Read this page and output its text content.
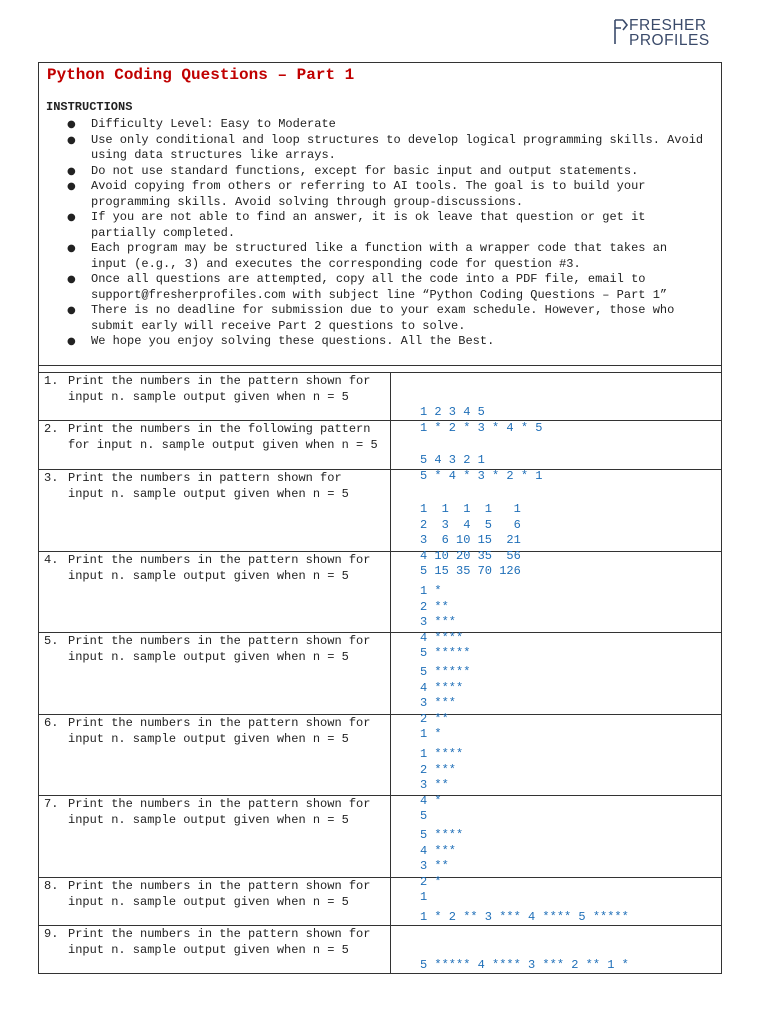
FRESHER
PROFILES
Python Coding Questions – Part 1
INSTRUCTIONS
● Difficulty Level: Easy to Moderate
● Use only conditional and loop structures to develop logical programming skills. Avoid using data structures like arrays.
● Do not use standard functions, except for basic input and output statements.
● Avoid copying from others or referring to AI tools. The goal is to build your programming skills. Avoid solving through group-discussions.
● If you are not able to find an answer, it is ok leave that question or get it partially completed.
● Each program may be structured like a function with a wrapper code that takes an input (e.g., 3) and executes the corresponding code for question #3.
● Once all questions are attempted, copy all the code into a PDF file, email to support@fresherprofiles.com with subject line “Python Coding Questions – Part 1”
● There is no deadline for submission due to your exam schedule. However, those who submit early will receive Part 2 questions to solve.
● We hope you enjoy solving these questions. All the Best.
1. Print the numbers in the pattern shown for input n. sample output given when n = 5

1 2 3 4 5
1 * 2 * 3 * 4 * 5

2. Print the numbers in the following pattern for input n. sample output given when n = 5

5 4 3 2 1
5 * 4 * 3 * 2 * 1

3. Print the numbers in pattern shown for input n. sample output given when n = 5

1  1  1  1   1
2  3  4  5   6
3  6 10 15  21
4 10 20 35  56
5 15 35 70 126

4. Print the numbers in the pattern shown for input n. sample output given when n = 5

1 *
2 **
3 ***
4 ****
5 *****

5. Print the numbers in the pattern shown for input n. sample output given when n = 5

5 *****
4 ****
3 ***
2 **
1 *

6. Print the numbers in the pattern shown for input n. sample output given when n = 5

1 ****
2 ***
3 **
4 *
5

7. Print the numbers in the pattern shown for input n. sample output given when n = 5

5 ****
4 ***
3 **
2 *
1

8. Print the numbers in the pattern shown for input n. sample output given when n = 5

1 * 2 ** 3 *** 4 **** 5 *****

9. Print the numbers in the pattern shown for input n. sample output given when n = 5

5 ***** 4 **** 3 *** 2 ** 1 *
